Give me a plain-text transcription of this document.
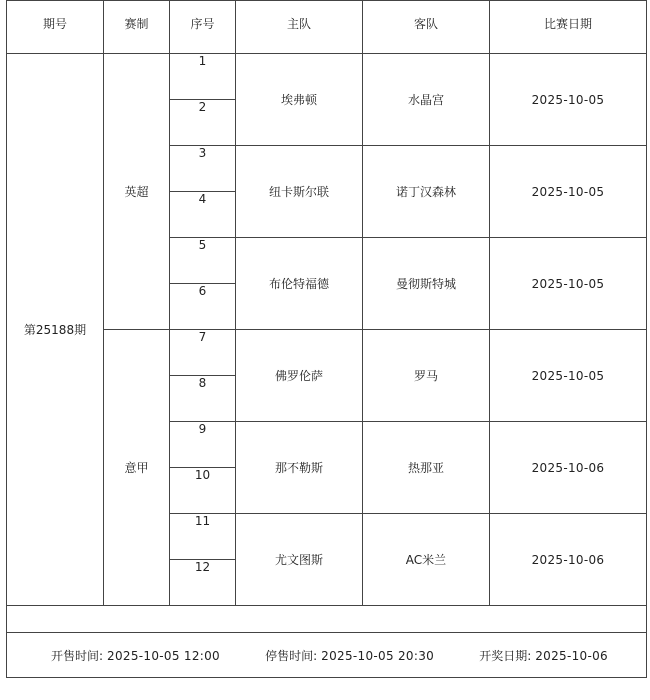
期号	赛制	序号	主队	客队	比赛日期
第25188期	英超	1	埃弗顿	水晶宫	2025-10-05
		2			
		3	纽卡斯尔联	诺丁汉森林	2025-10-05
		4			
		5	布伦特福德	曼彻斯特城	2025-10-05
		6			
	意甲	7	佛罗伦萨	罗马	2025-10-05
		8			
		9	那不勒斯	热那亚	2025-10-06
		10			
		11	尤文图斯	AC米兰	2025-10-06
		12			

开售时间: 2025-10-05 12:00 停售时间: 2025-10-05 20:30 开奖日期: 2025-10-06					
